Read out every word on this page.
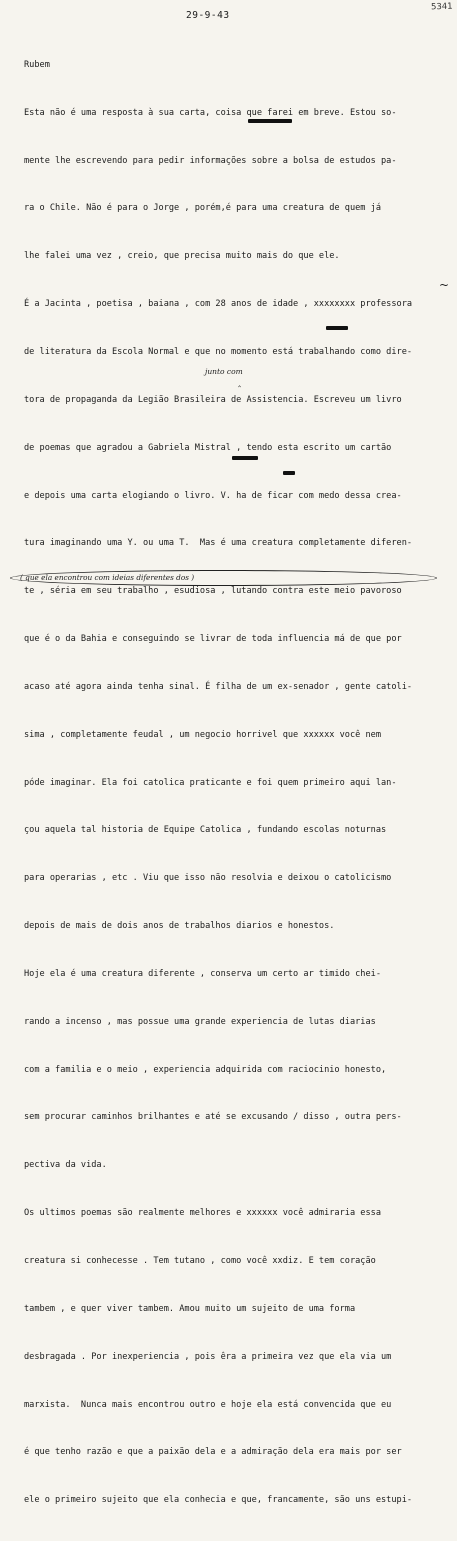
5341
29-9-43

Rubem

Esta não é uma resposta à sua carta, coisa que farei em breve. Estou so-

mente lhe escrevendo para pedir informações sobre a bolsa de estudos pa-

ra o Chile. Não é para o Jorge , porém,é para uma creatura de quem já

lhe falei uma vez , creio, que precisa muito mais do que ele.

É a Jacinta , poetisa , baiana , com 28 anos de idade , xxxxxxxx professora

de literatura da Escola Normal e que no momento está trabalhando como dire-

tora de propaganda da Legião Brasileira de Assistencia. Escreveu um livro

de poemas que agradou a Gabriela Mistral , tendo esta escrito um cartão

e depois uma carta elogiando o livro. V. ha de ficar com medo dessa crea-

tura imaginando uma Y. ou uma T.  Mas é uma creatura completamente diferen-

te , séria em seu trabalho , esudiosa , lutando contra este meio pavoroso

que é o da Bahia e conseguindo se livrar de toda influencia má de que por

acaso até agora ainda tenha sinal. É filha de um ex-senador , gente catoli-

sima , completamente feudal , um negocio horrivel que xxxxxx você nem

póde imaginar. Ela foi catolica praticante e foi quem primeiro aqui lan-

çou aquela tal historia de Equipe Catolica , fundando escolas noturnas

para operarias , etc . Viu que isso não resolvia e deixou o catolicismo

depois de mais de dois anos de trabalhos diarios e honestos.

Hoje ela é uma creatura diferente , conserva um certo ar timido chei-

rando a incenso , mas possue uma grande experiencia de lutas diarias

com a familia e o meio , experiencia adquirida com raciocinio honesto,

sem procurar caminhos brilhantes e até se excusando / disso , outra pers-

pectiva da vida.

Os ultimos poemas são realmente melhores e xxxxxx você admiraria essa

creatura si conhecesse . Tem tutano , como você xxdiz. E tem coração

tambem , e quer viver tambem. Amou muito um sujeito de uma forma

desbragada . Por inexperiencia , pois êra a primeira vez que ela via um

marxista.  Nunca mais encontrou outro e hoje ela está convencida que eu

é que tenho razão e que a paixão dela e a admiração dela era mais por ser

ele o primeiro sujeito que ela conhecia e que, francamente, são uns estupi-

junto com
‸
~
( que ela encontrou com ideias diferentes dos )
